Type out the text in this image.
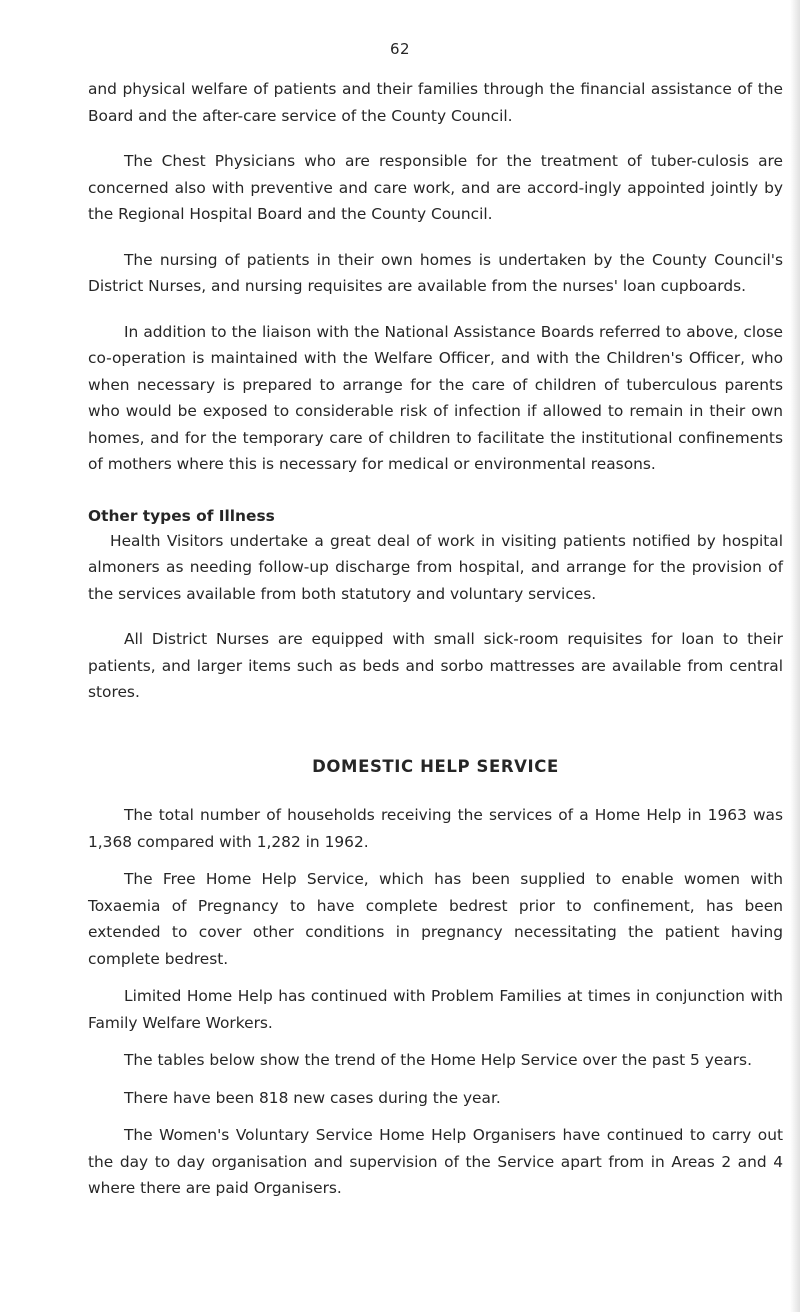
62

and physical welfare of patients and their families through the financial assistance of the Board and the after-care service of the County Council.

The Chest Physicians who are responsible for the treatment of tuber-culosis are concerned also with preventive and care work, and are accord-ingly appointed jointly by the Regional Hospital Board and the County Council.

The nursing of patients in their own homes is undertaken by the County Council's District Nurses, and nursing requisites are available from the nurses' loan cupboards.

In addition to the liaison with the National Assistance Boards referred to above, close co-operation is maintained with the Welfare Officer, and with the Children's Officer, who when necessary is prepared to arrange for the care of children of tuberculous parents who would be exposed to considerable risk of infection if allowed to remain in their own homes, and for the temporary care of children to facilitate the institutional confinements of mothers where this is necessary for medical or environmental reasons.

Other types of Illness

Health Visitors undertake a great deal of work in visiting patients notified by hospital almoners as needing follow-up discharge from hospital, and arrange for the provision of the services available from both statutory and voluntary services.

All District Nurses are equipped with small sick-room requisites for loan to their patients, and larger items such as beds and sorbo mattresses are available from central stores.

DOMESTIC HELP SERVICE

The total number of households receiving the services of a Home Help in 1963 was 1,368 compared with 1,282 in 1962.

The Free Home Help Service, which has been supplied to enable women with Toxaemia of Pregnancy to have complete bedrest prior to confinement, has been extended to cover other conditions in pregnancy necessitating the patient having complete bedrest.

Limited Home Help has continued with Problem Families at times in conjunction with Family Welfare Workers.

The tables below show the trend of the Home Help Service over the past 5 years.

There have been 818 new cases during the year.

The Women's Voluntary Service Home Help Organisers have continued to carry out the day to day organisation and supervision of the Service apart from in Areas 2 and 4 where there are paid Organisers.
